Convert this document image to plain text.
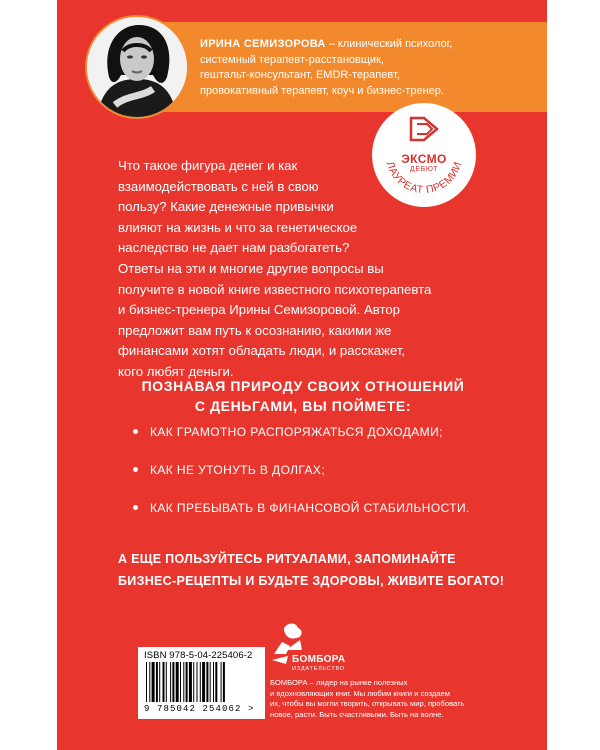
ИРИНА СЕМИЗОРОВА – клинический психолог,
системный терапевт-расстановщик,
гештальт-консультант, EMDR-терапевт,
провокативный терапевт, коуч и бизнес-тренер.
ЭКСМО
ДЕБЮТ
ЛАУРЕАТ ПРЕМИИ

Что такое фигура денег и как

взаимодействовать с ней в свою

пользу? Какие денежные привычки

влияют на жизнь и что за генетическое

наследство не дает нам разбогатеть?

Ответы на эти и многие другие вопросы вы

получите в новой книге известного психотерапевта

и бизнес-тренера Ирины Семизоровой. Автор

предложит вам путь к осознанию, какими же

финансами хотят обладать люди, и расскажет,

кого любят деньги.

ПОЗНАВАЯ ПРИРОДУ СВОИХ ОТНОШЕНИЙ
С ДЕНЬГАМИ, ВЫ ПОЙМЕТЕ:
КАК ГРАМОТНО РАСПОРЯЖАТЬСЯ ДОХОДАМИ;
КАК НЕ УТОНУТЬ В ДОЛГАХ;
КАК ПРЕБЫВАТЬ В ФИНАНСОВОЙ СТАБИЛЬНОСТИ.
А ЕЩЕ ПОЛЬЗУЙТЕСЬ РИТУАЛАМИ, ЗАПОМИНАЙТЕ
БИЗНЕС-РЕЦЕПТЫ И БУДЬТЕ ЗДОРОВЫ, ЖИВИТЕ БОГАТО!
ISBN 978-5-04-225406-2
9 785042 254062 >
БОМБОРА
ИЗДАТЕЛЬСТВО
БОМБОРА – лидер на рынке полезных
и вдохновляющих книг. Мы любим книги и создаем
их, чтобы вы могли творить, открывать мир, пробовать
новое, расти. Быть счастливыми. Быть на волне.
